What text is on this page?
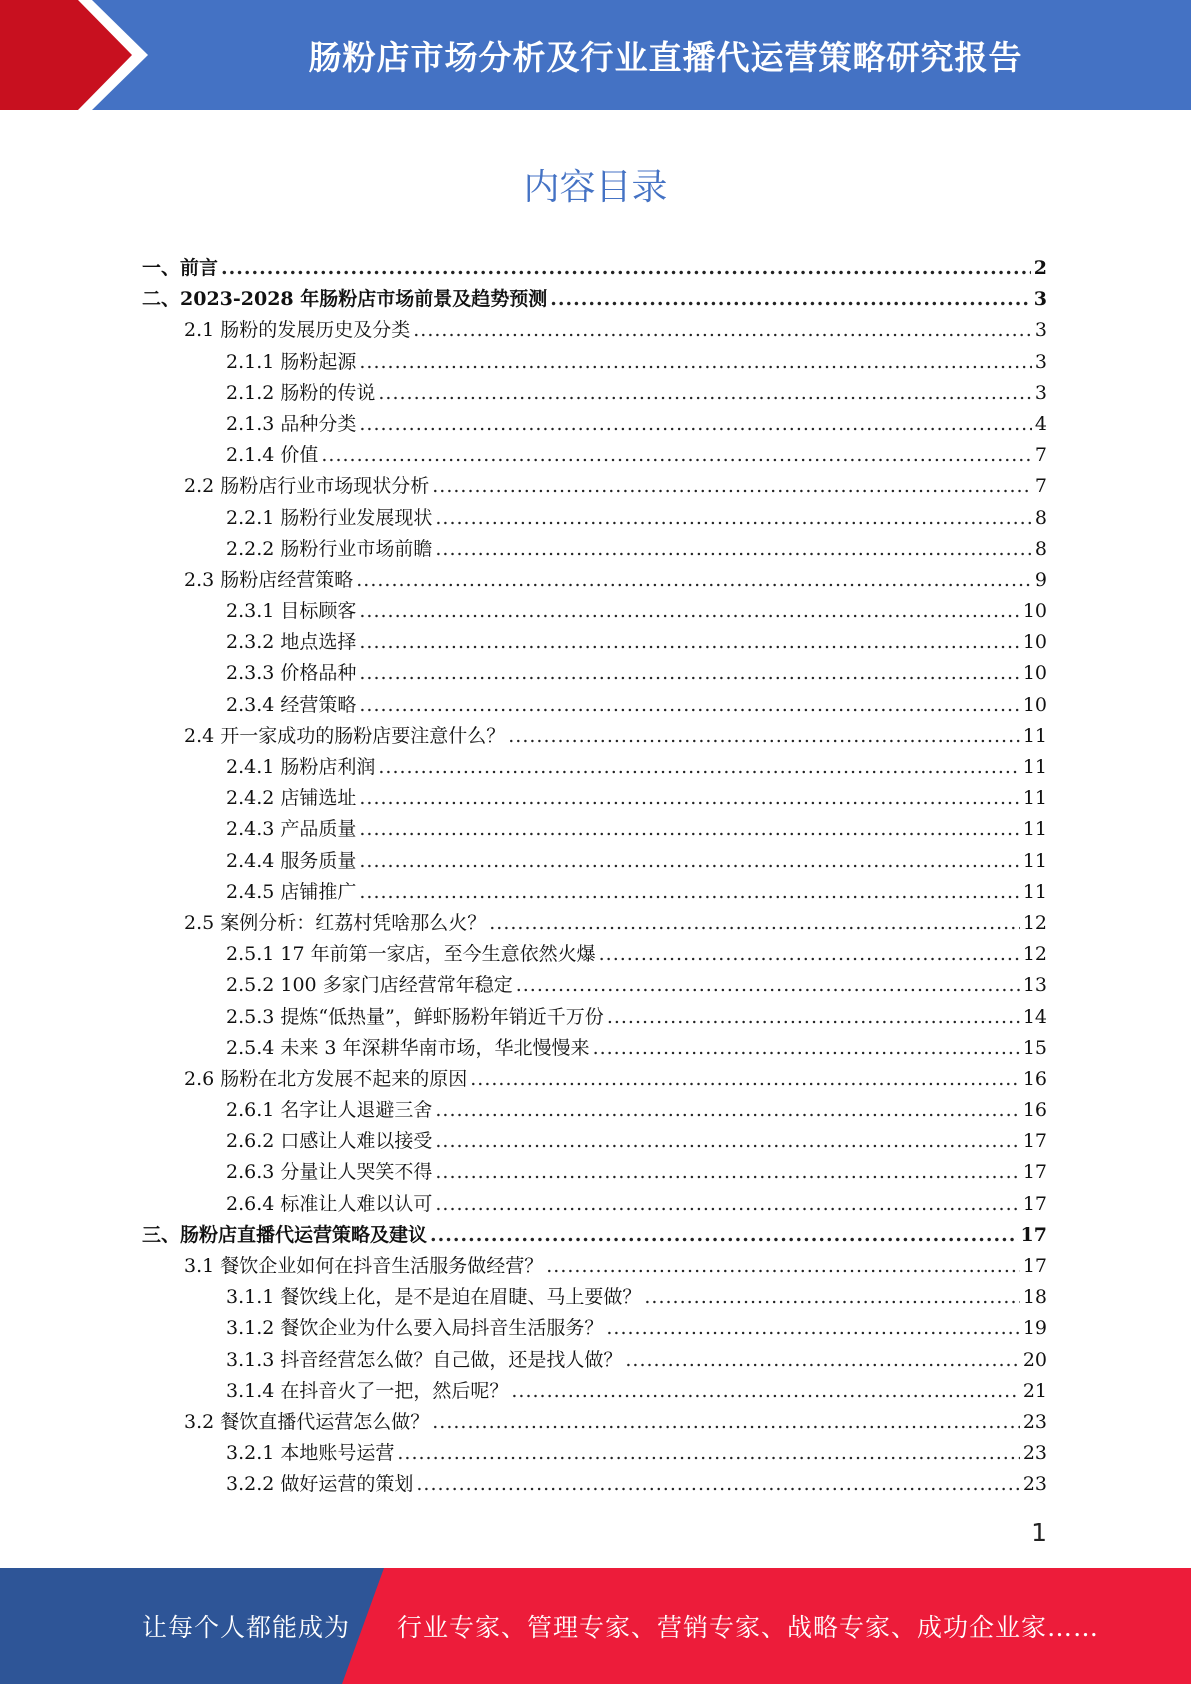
肠粉店市场分析及行业直播代运营策略研究报告
内容目录
一、前言 .....	2
二、2023-2028 年肠粉店市场前景及趋势预测 .....	3
2.1 肠粉的发展历史及分类 .....	3
2.1.1 肠粉起源 .....	3
2.1.2 肠粉的传说 .....	3
2.1.3 品种分类 .....	4
2.1.4 价值 .....	7
2.2 肠粉店行业市场现状分析 .....	7
2.2.1 肠粉行业发展现状 .....	8
2.2.2 肠粉行业市场前瞻 .....	8
2.3 肠粉店经营策略 .....	9
2.3.1 目标顾客 .....	10
2.3.2 地点选择 .....	10
2.3.3 价格品种 .....	10
2.3.4 经营策略 .....	10
2.4 开一家成功的肠粉店要注意什么？ .....	11
2.4.1 肠粉店利润 .....	11
2.4.2 店铺选址 .....	11
2.4.3 产品质量 .....	11
2.4.4 服务质量 .....	11
2.4.5 店铺推广 .....	11
2.5 案例分析：红荔村凭啥那么火？ .....	12
2.5.1 17 年前第一家店，至今生意依然火爆 .....	12
2.5.2 100 多家门店经营常年稳定 .....	13
2.5.3 提炼“低热量”，鲜虾肠粉年销近千万份 .....	14
2.5.4 未来 3 年深耕华南市场，华北慢慢来 .....	15
2.6 肠粉在北方发展不起来的原因 .....	16
2.6.1 名字让人退避三舍 .....	16
2.6.2 口感让人难以接受 .....	17
2.6.3 分量让人哭笑不得 .....	17
2.6.4 标准让人难以认可 .....	17
三、肠粉店直播代运营策略及建议 .....	17
3.1 餐饮企业如何在抖音生活服务做经营？ .....	17
3.1.1 餐饮线上化，是不是迫在眉睫、马上要做？ .....	18
3.1.2 餐饮企业为什么要入局抖音生活服务？ .....	19
3.1.3 抖音经营怎么做？自己做，还是找人做？ .....	20
3.1.4 在抖音火了一把，然后呢？ .....	21
3.2 餐饮直播代运营怎么做？ .....	23
3.2.1 本地账号运营 .....	23
3.2.2 做好运营的策划 .....	23
1
让每个人都能成为 行业专家、管理专家、营销专家、战略专家、成功企业家……
